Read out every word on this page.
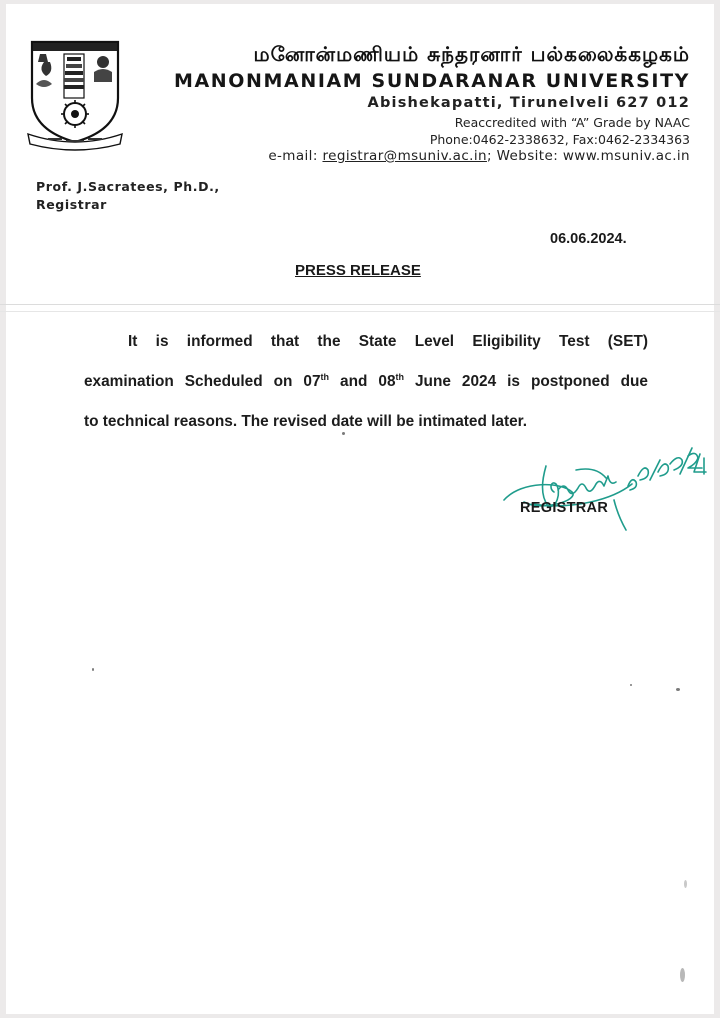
மனோன்மணியம் சுந்தரனார் பல்கலைக்கழகம்
MANONMANIAM SUNDARANAR UNIVERSITY
Abishekapatti, Tirunelveli 627 012
Reaccredited with “A” Grade by NAAC
Phone:0462-2338632, Fax:0462-2334363
e-mail: registrar@msuniv.ac.in; Website: www.msuniv.ac.in
Prof. J.Sacratees, Ph.D.,
Registrar
06.06.2024.
PRESS RELEASE

It is informed that the State Level Eligibility Test (SET)

examination Scheduled on 07th and 08th June 2024 is postponed due

to technical reasons. The revised date will be intimated later.

REGISTRAR
